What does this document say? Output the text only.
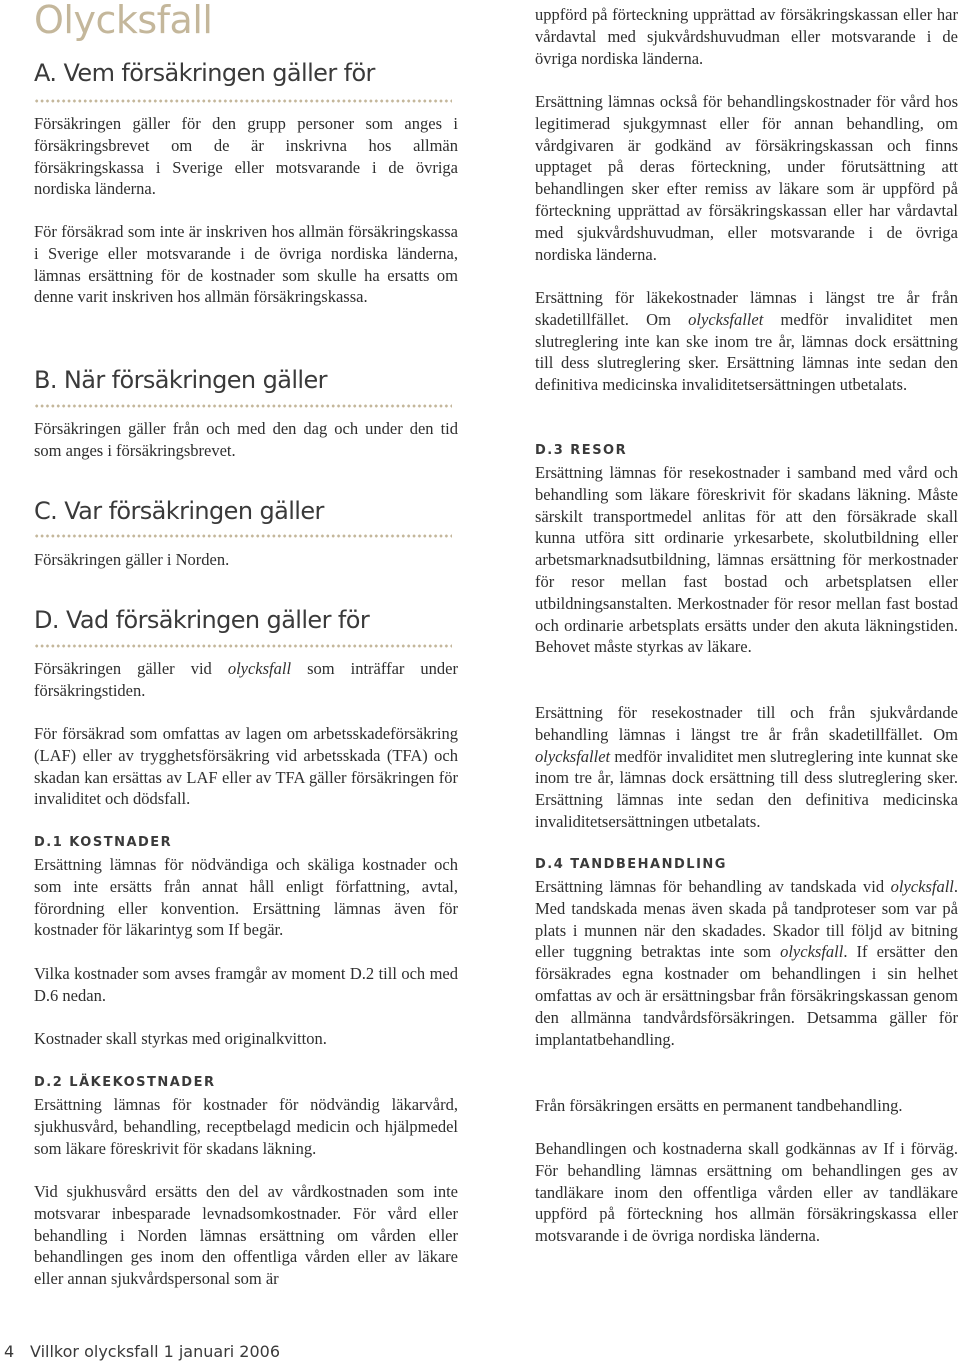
Olycksfall
A. Vem försäkringen gäller för

Försäkringen gäller för den grupp personer som anges i försäkringsbrevet om de är inskrivna hos allmän försäkringskassa i Sverige eller motsvarande i de övriga nordiska länderna.

För försäkrad som inte är inskriven hos allmän försäkringskassa i Sverige eller motsvarande i de övriga nordiska länderna, lämnas ersättning för de kostnader som skulle ha ersatts om denne varit inskriven hos allmän försäkringskassa.

B. När försäkringen gäller

Försäkringen gäller från och med den dag och under den tid som anges i försäkringsbrevet.

C. Var försäkringen gäller

Försäkringen gäller i Norden.

D. Vad försäkringen gäller för

Försäkringen gäller vid olycksfall som inträffar under försäkringstiden.

För försäkrad som omfattas av lagen om arbetsskadeförsäkring (LAF) eller av trygghetsförsäkring vid arbetsskada (TFA) och skadan kan ersättas av LAF eller av TFA gäller försäkringen för invaliditet och dödsfall.

D.1 KOSTNADER

Ersättning lämnas för nödvändiga och skäliga kostnader och som inte ersätts från annat håll enligt författning, avtal, förordning eller konvention. Ersättning lämnas även för kostnader för läkarintyg som If begär.

Vilka kostnader som avses framgår av moment D.2 till och med D.6 nedan.

Kostnader skall styrkas med originalkvitton.

D.2 LÄKEKOSTNADER

Ersättning lämnas för kostnader för nödvändig läkarvård, sjukhusvård, behandling, receptbelagd medicin och hjälpmedel som läkare föreskrivit för skadans läkning.

Vid sjukhusvård ersätts den del av vårdkostnaden som inte motsvarar inbesparade levnadsomkostnader. För vård eller behandling i Norden lämnas ersättning om vården eller behandlingen ges inom den offentliga vården eller av läkare eller annan sjukvårdspersonal som är

uppförd på förteckning upprättad av försäkringskassan eller har vårdavtal med sjukvårdshuvudman eller motsvarande i de övriga nordiska länderna.

Ersättning lämnas också för behandlingskostnader för vård hos legitimerad sjukgymnast eller för annan behandling, om vårdgivaren är godkänd av försäkringskassan och finns upptaget på deras förteckning, under förutsättning att behandlingen sker efter remiss av läkare som är uppförd på förteckning upprättad av försäkringskassan eller har vårdavtal med sjukvårdshuvudman, eller motsvarande i de övriga nordiska länderna.

Ersättning för läkekostnader lämnas i längst tre år från skadetillfället. Om olycksfallet medför invaliditet men slutreglering inte kan ske inom tre år, lämnas dock ersättning till dess slutreglering sker. Ersättning lämnas inte sedan den definitiva medicinska invaliditetsersättningen utbetalats.

D.3 RESOR

Ersättning lämnas för resekostnader i samband med vård och behandling som läkare föreskrivit för skadans läkning. Måste särskilt transportmedel anlitas för att den försäkrade skall kunna utföra sitt ordinarie yrkesarbete, skolutbildning eller arbetsmarknadsutbildning, lämnas ersättning för merkostnader för resor mellan fast bostad och arbetsplatsen eller utbildningsanstalten. Merkostnader för resor mellan fast bostad och ordinarie arbetsplats ersätts under den akuta läkningstiden. Behovet måste styrkas av läkare.

Ersättning för resekostnader till och från sjukvårdande behandling lämnas i längst tre år från skadetillfället. Om olycksfallet medför invaliditet men slutreglering inte kunnat ske inom tre år, lämnas dock ersättning till dess slutreglering sker. Ersättning lämnas inte sedan den definitiva medicinska invaliditetsersättningen utbetalats.

D.4 TANDBEHANDLING

Ersättning lämnas för behandling av tandskada vid olycksfall. Med tandskada menas även skada på tandproteser som var på plats i munnen när den skadades. Skador till följd av bitning eller tuggning betraktas inte som olycksfall. If ersätter den försäkrades egna kostnader om behandlingen i sin helhet omfattas av och är ersättningsbar från försäkringskassan genom den allmänna tandvårdsförsäkringen. Detsamma gäller för implantatbehandling.

Från försäkringen ersätts en permanent tandbehandling.

Behandlingen och kostnaderna skall godkännas av If i förväg. För behandling lämnas ersättning om behandlingen ges av tandläkare inom den offentliga vården eller av tandläkare uppförd på förteckning hos allmän försäkringskassa eller motsvarande i de övriga nordiska länderna.

4 Villkor olycksfall 1 januari 2006
